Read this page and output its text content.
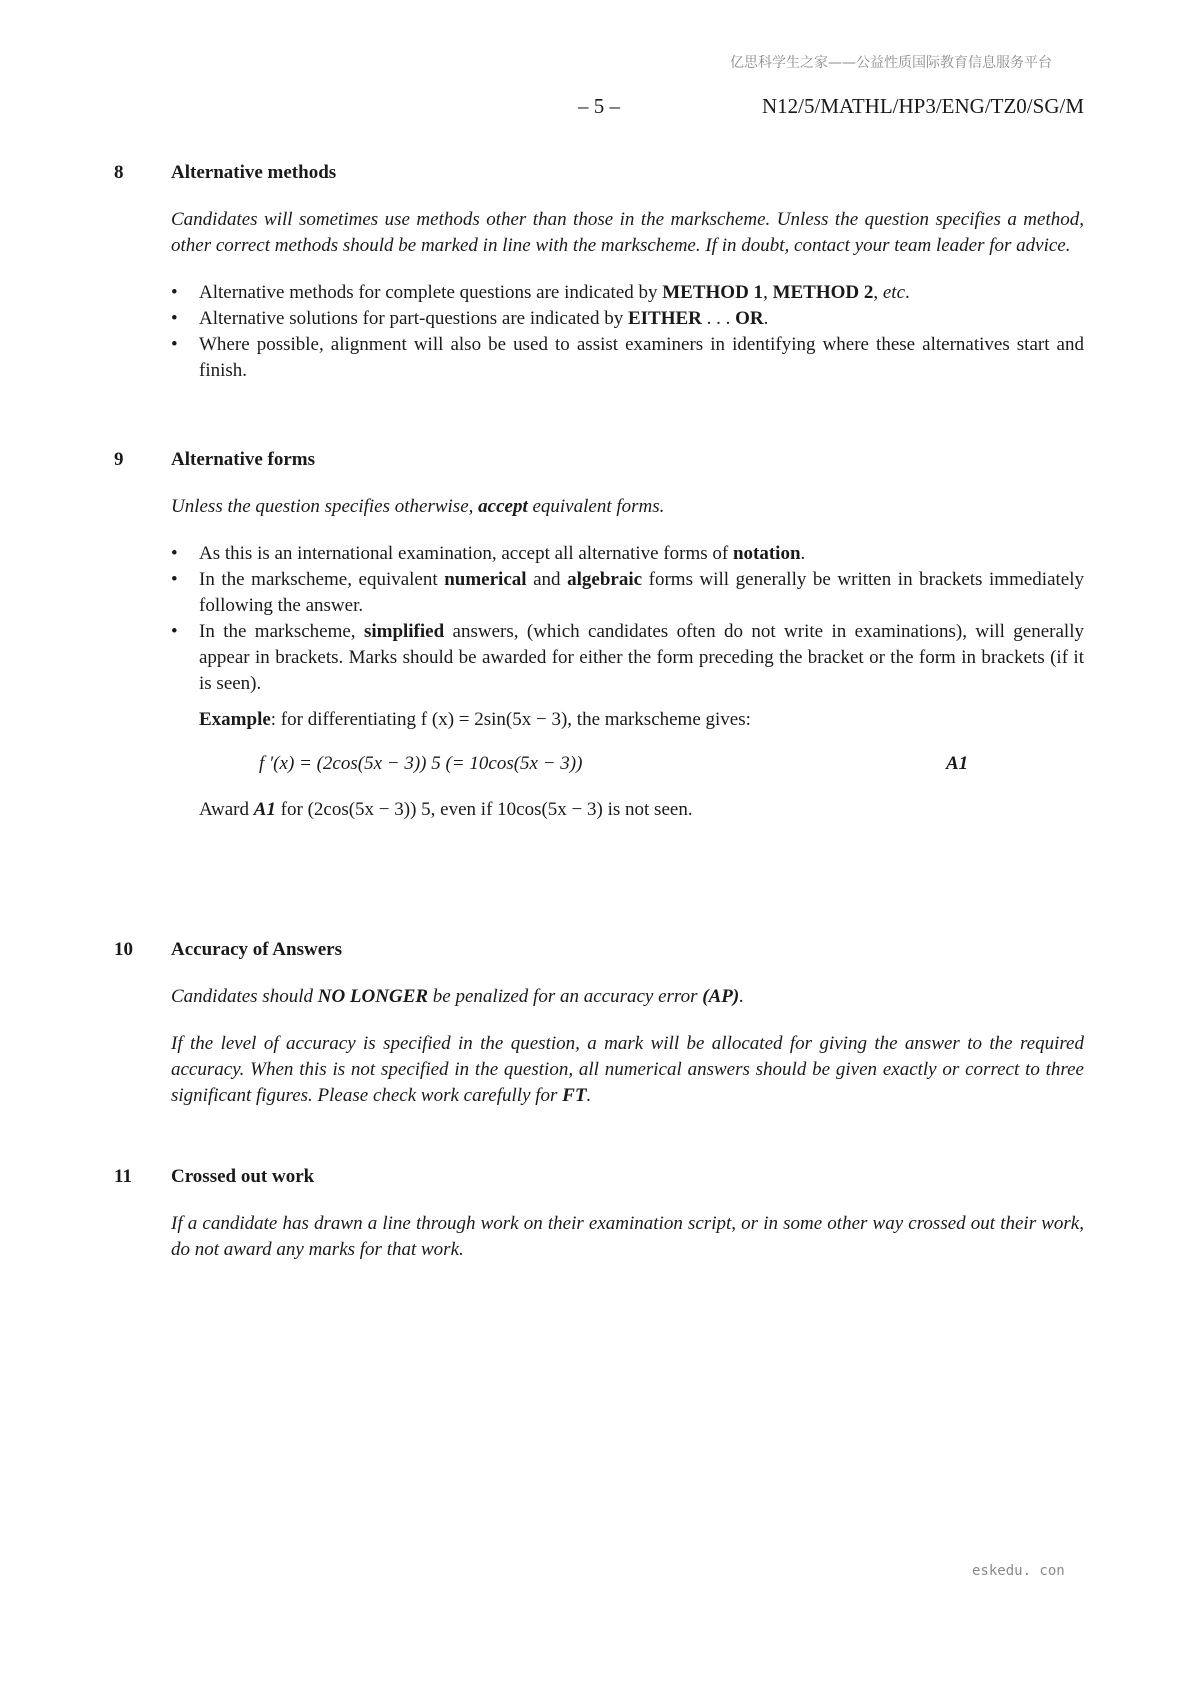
亿思科学生之家——公益性质国际教育信息服务平台
– 5 –	N12/5/MATHL/HP3/ENG/TZ0/SG/M
8	Alternative methods
Candidates will sometimes use methods other than those in the markscheme. Unless the question specifies a method, other correct methods should be marked in line with the markscheme. If in doubt, contact your team leader for advice.
• Alternative methods for complete questions are indicated by METHOD 1, METHOD 2, etc.
• Alternative solutions for part-questions are indicated by EITHER . . . OR.
• Where possible, alignment will also be used to assist examiners in identifying where these alternatives start and finish.
9	Alternative forms
Unless the question specifies otherwise, accept equivalent forms.
• As this is an international examination, accept all alternative forms of notation.
• In the markscheme, equivalent numerical and algebraic forms will generally be written in brackets immediately following the answer.
• In the markscheme, simplified answers, (which candidates often do not write in examinations), will generally appear in brackets. Marks should be awarded for either the form preceding the bracket or the form in brackets (if it is seen).
Example: for differentiating f (x) = 2sin(5x − 3), the markscheme gives:
f ′(x) = (2cos(5x − 3)) 5 (= 10cos(5x − 3))	A1
Award A1 for (2cos(5x − 3)) 5, even if 10cos(5x − 3) is not seen.
10 Accuracy of Answers
Candidates should NO LONGER be penalized for an accuracy error (AP).
If the level of accuracy is specified in the question, a mark will be allocated for giving the answer to the required accuracy. When this is not specified in the question, all numerical answers should be given exactly or correct to three significant figures. Please check work carefully for FT.
11 Crossed out work
If a candidate has drawn a line through work on their examination script, or in some other way crossed out their work, do not award any marks for that work.
eskedu. con
